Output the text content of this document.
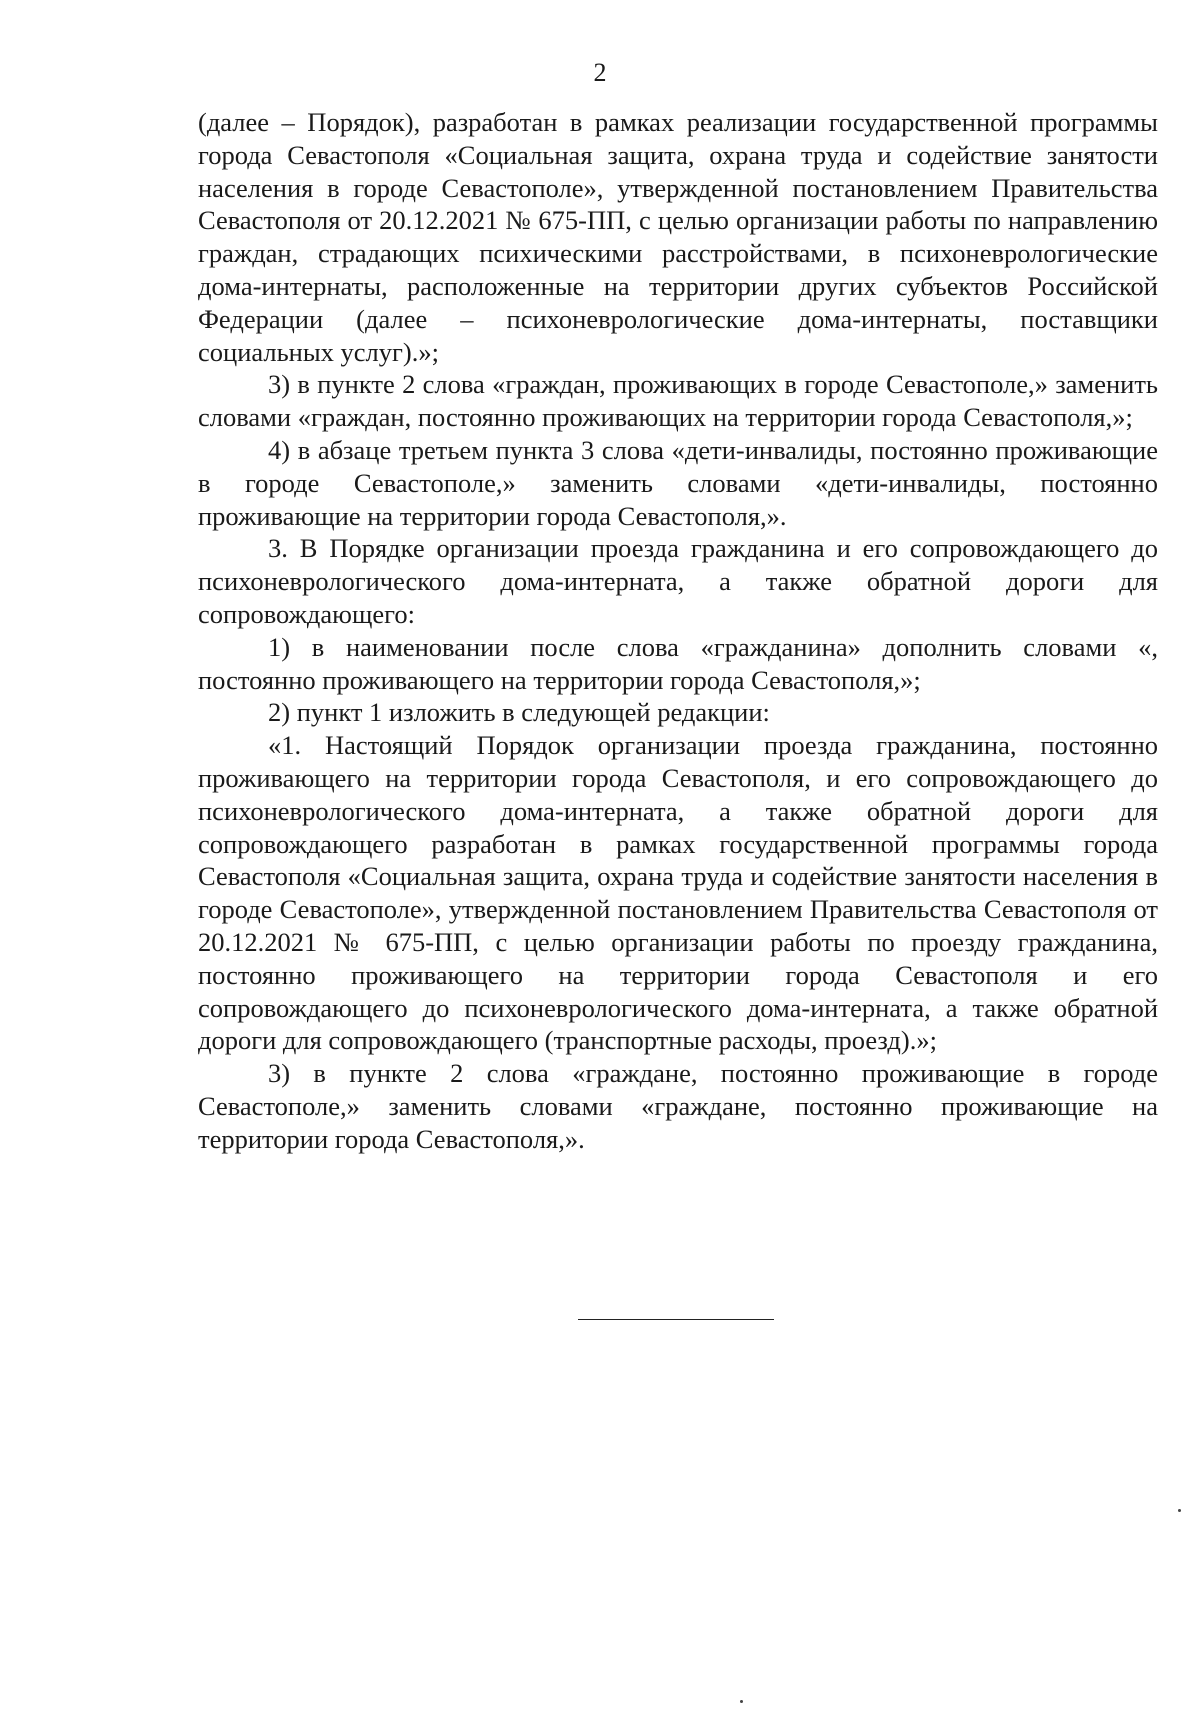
2

(далее – Порядок), разработан в рамках реализации государственной программы города Севастополя «Социальная защита, охрана труда и содействие занятости населения в городе Севастополе», утвержденной постановлением Правительства Севастополя от 20.12.2021 № 675-ПП, с целью организации работы по направлению граждан, страдающих психическими расстройствами, в психоневрологические дома-интернаты, расположенные на территории других субъектов Российской Федерации (далее – психоневрологические дома-интернаты, поставщики социальных услуг).»;

3) в пункте 2 слова «граждан, проживающих в городе Севастополе,» заменить словами «граждан, постоянно проживающих на территории города Севастополя,»;

4) в абзаце третьем пункта 3 слова «дети-инвалиды, постоянно проживающие в городе Севастополе,» заменить словами «дети-инвалиды, постоянно проживающие на территории города Севастополя,».

3. В Порядке организации проезда гражданина и его сопровождающего до психоневрологического дома-интерната, а также обратной дороги для сопровождающего:

1) в наименовании после слова «гражданина» дополнить словами «, постоянно проживающего на территории города Севастополя,»;

2) пункт 1 изложить в следующей редакции:

«1. Настоящий Порядок организации проезда гражданина, постоянно проживающего на территории города Севастополя, и его сопровождающего до психоневрологического дома-интерната, а также обратной дороги для сопровождающего разработан в рамках государственной программы города Севастополя «Социальная защита, охрана труда и содействие занятости населения в городе Севастополе», утвержденной постановлением Правительства Севастополя от 20.12.2021 № 675-ПП, с целью организации работы по проезду гражданина, постоянно проживающего на территории города Севастополя и его сопровождающего до психоневрологического дома-интерната, а также обратной дороги для сопровождающего (транспортные расходы, проезд).»;

3) в пункте 2 слова «граждане, постоянно проживающие в городе Севастополе,» заменить словами «граждане, постоянно проживающие на территории города Севастополя,».
